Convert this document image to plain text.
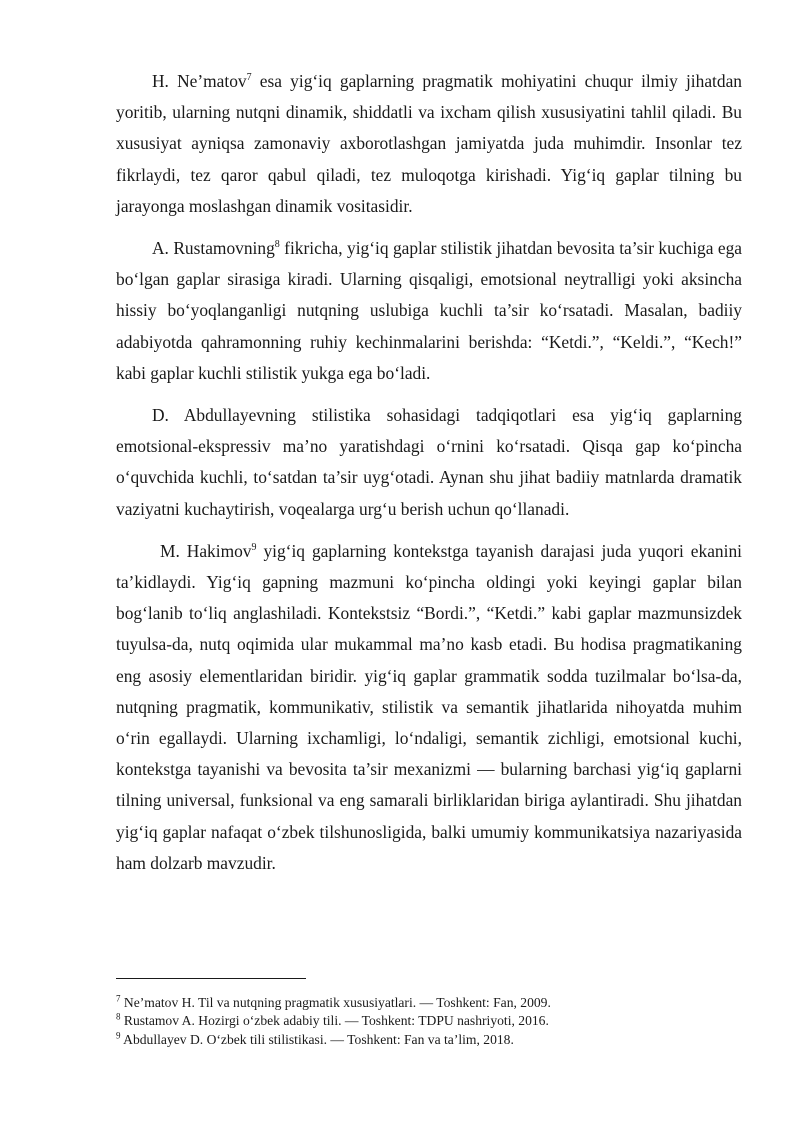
H. Ne’matov$^7$ esa yig‘iq gaplarning pragmatik mohiyatini chuqur ilmiy jihatdan yoritib, ularning nutqni dinamik, shiddatli va ixcham qilish xususiyatini tahlil qiladi. Bu xususiyat ayniqsa zamonaviy axborotlashgan jamiyatda juda muhimdir. Insonlar tez fikrlaydi, tez qaror qabul qiladi, tez muloqotga kirishadi. Yig‘iq gaplar tilning bu jarayonga moslashgan dinamik vositasidir.

A. Rustamovning$^8$ fikricha, yig‘iq gaplar stilistik jihatdan bevosita ta’sir kuchiga ega bo‘lgan gaplar sirasiga kiradi. Ularning qisqaligi, emotsional neytralligi yoki aksincha hissiy bo‘yoqlanganligi nutqning uslubiga kuchli ta’sir ko‘rsatadi. Masalan, badiiy adabiyotda qahramonning ruhiy kechinmalarini berishda: “Ketdi.”, “Keldi.”, “Kech!” kabi gaplar kuchli stilistik yukga ega bo‘ladi.

D. Abdullayevning stilistika sohasidagi tadqiqotlari esa yig‘iq gaplarning emotsional-ekspressiv ma’no yaratishdagi o‘rnini ko‘rsatadi. Qisqa gap ko‘pincha o‘quvchida kuchli, to‘satdan ta’sir uyg‘otadi. Aynan shu jihat badiiy matnlarda dramatik vaziyatni kuchaytirish, voqealarga urg‘u berish uchun qo‘llanadi.

M. Hakimov$^9$ yig‘iq gaplarning kontekstga tayanish darajasi juda yuqori ekanini ta’kidlaydi. Yig‘iq gapning mazmuni ko‘pincha oldingi yoki keyingi gaplar bilan bog‘lanib to‘liq anglashiladi. Kontekstsiz “Bordi.”, “Ketdi.” kabi gaplar mazmunsizdek tuyulsa-da, nutq oqimida ular mukammal ma’no kasb etadi. Bu hodisa pragmatikaning eng asosiy elementlaridan biridir. yig‘iq gaplar grammatik sodda tuzilmalar bo‘lsa-da, nutqning pragmatik, kommunikativ, stilistik va semantik jihatlarida nihoyatda muhim o‘rin egallaydi. Ularning ixchamligi, lo‘ndaligi, semantik zichligi, emotsional kuchi, kontekstga tayanishi va bevosita ta’sir mexanizmi — bularning barchasi yig‘iq gaplarni tilning universal, funksional va eng samarali birliklaridan biriga aylantiradi. Shu jihatdan yig‘iq gaplar nafaqat o‘zbek tilshunosligida, balki umumiy kommunikatsiya nazariyasida ham dolzarb mavzudir.

$^7$ Ne’matov H. Til va nutqning pragmatik xususiyatlari. — Toshkent: Fan, 2009.
$^8$ Rustamov A. Hozirgi o‘zbek adabiy tili. — Toshkent: TDPU nashriyoti, 2016.
$^9$ Abdullayev D. O‘zbek tili stilistikasi. — Toshkent: Fan va ta’lim, 2018.
